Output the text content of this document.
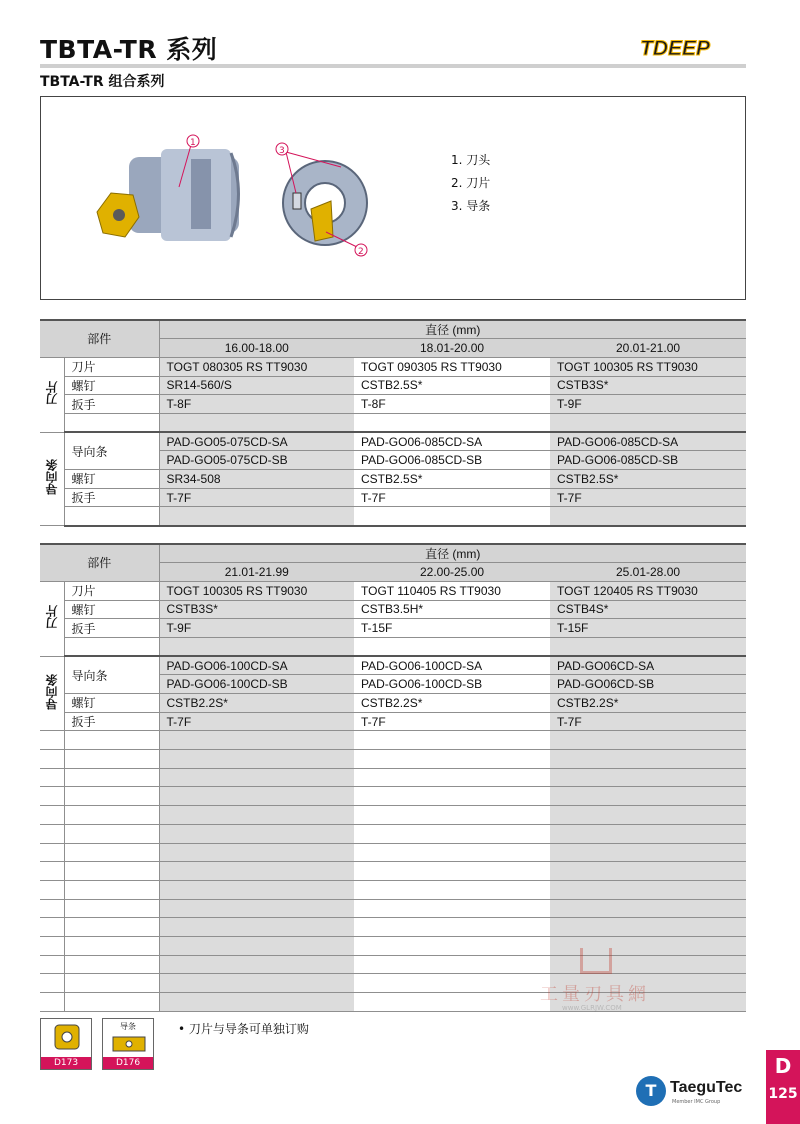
TBTA-TR 系列
TBTA-TR 组合系列
TDEEP
1
3
2
1. 刀头
2. 刀片
3. 导条
部件		直径 (mm)		
		16.00-18.00	18.01-20.00	20.01-21.00
刀片	刀片	TOGT 080305 RS TT9030	TOGT 090305 RS TT9030	TOGT 100305 RS TT9030
	螺钉	SR14-560/S	CSTB2.5S*	CSTB3S*
	扳手	T-8F	T-8F	T-9F

导向条	导向条	PAD-GO05-075CD-SA	PAD-GO06-085CD-SA	PAD-GO06-085CD-SA
		PAD-GO05-075CD-SB	PAD-GO06-085CD-SB	PAD-GO06-085CD-SB
	螺钉	SR34-508	CSTB2.5S*	CSTB2.5S*
	扳手	T-7F	T-7F	T-7F

部件		直径 (mm)		
		21.01-21.99	22.00-25.00	25.01-28.00
刀片	刀片	TOGT 100305 RS TT9030	TOGT 110405 RS TT9030	TOGT 120405 RS TT9030
	螺钉	CSTB3S*	CSTB3.5H*	CSTB4S*
	扳手	T-9F	T-15F	T-15F

导向条	导向条	PAD-GO06-100CD-SA	PAD-GO06-100CD-SA	PAD-GO06CD-SA
		PAD-GO06-100CD-SB	PAD-GO06-100CD-SB	PAD-GO06CD-SB
	螺钉	CSTB2.2S*	CSTB2.2S*	CSTB2.2S*
	扳手	T-7F	T-7F	T-7F

工量刃具網
www.GLRJW.COM
D173
导条
D176
• 刀片与导条可单独订购
T TaeguTec
Member IMC Group
D
125
